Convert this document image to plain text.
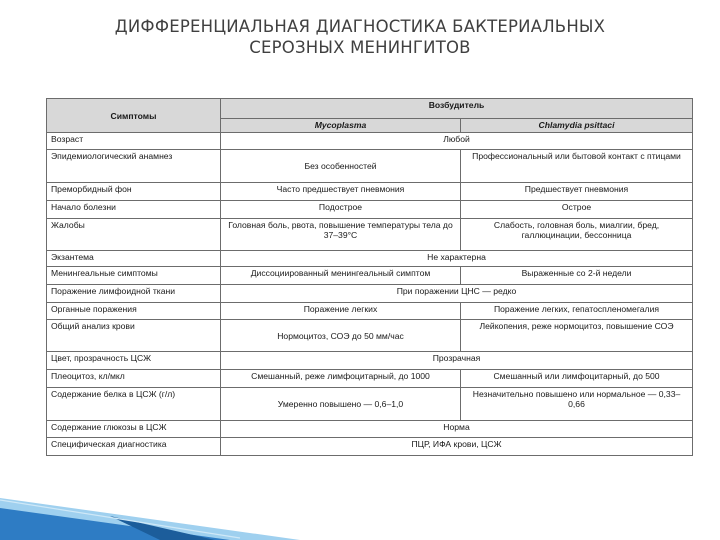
ДИФФЕРЕНЦИАЛЬНАЯ ДИАГНОСТИКА БАКТЕРИАЛЬНЫХ
СЕРОЗНЫХ МЕНИНГИТОВ
Симптомы	Возбудитель	
	Mycoplasma	Chlamydia psittaci
Возраст	Любой	
Эпидемиологический анамнез	Без особенностей	Профессиональный или бытовой контакт с птицами
Преморбидный фон	Часто предшествует пневмония	Предшествует пневмония
Начало болезни	Подострое	Острое
Жалобы	Головная боль, рвота, повышение температуры тела до 37–39°С	Слабость, головная боль, миалгии, бред, галлюцинации, бессонница
Экзантема	Не характерна	
Менингеальные симптомы	Диссоциированный менингеальный симптом	Выраженные со 2-й недели
Поражение лимфоидной ткани	При поражении ЦНС — редко	
Органные поражения	Поражение легких	Поражение легких, гепатоспленомегалия
Общий анализ крови	Нормоцитоз, СОЭ до 50 мм/час	Лейкопения, реже нормоцитоз, повышение СОЭ
Цвет, прозрачность ЦСЖ	Прозрачная	
Плеоцитоз, кл/мкл	Смешанный, реже лимфоцитарный, до 1000	Смешанный или лимфоцитарный, до 500
Содержание белка в ЦСЖ (г/л)	Умеренно повышено — 0,6–1,0	Незначительно повышено или нормальное — 0,33–0,66
Содержание глюкозы в ЦСЖ	Норма	
Специфическая диагностика	ПЦР, ИФА крови, ЦСЖ	
